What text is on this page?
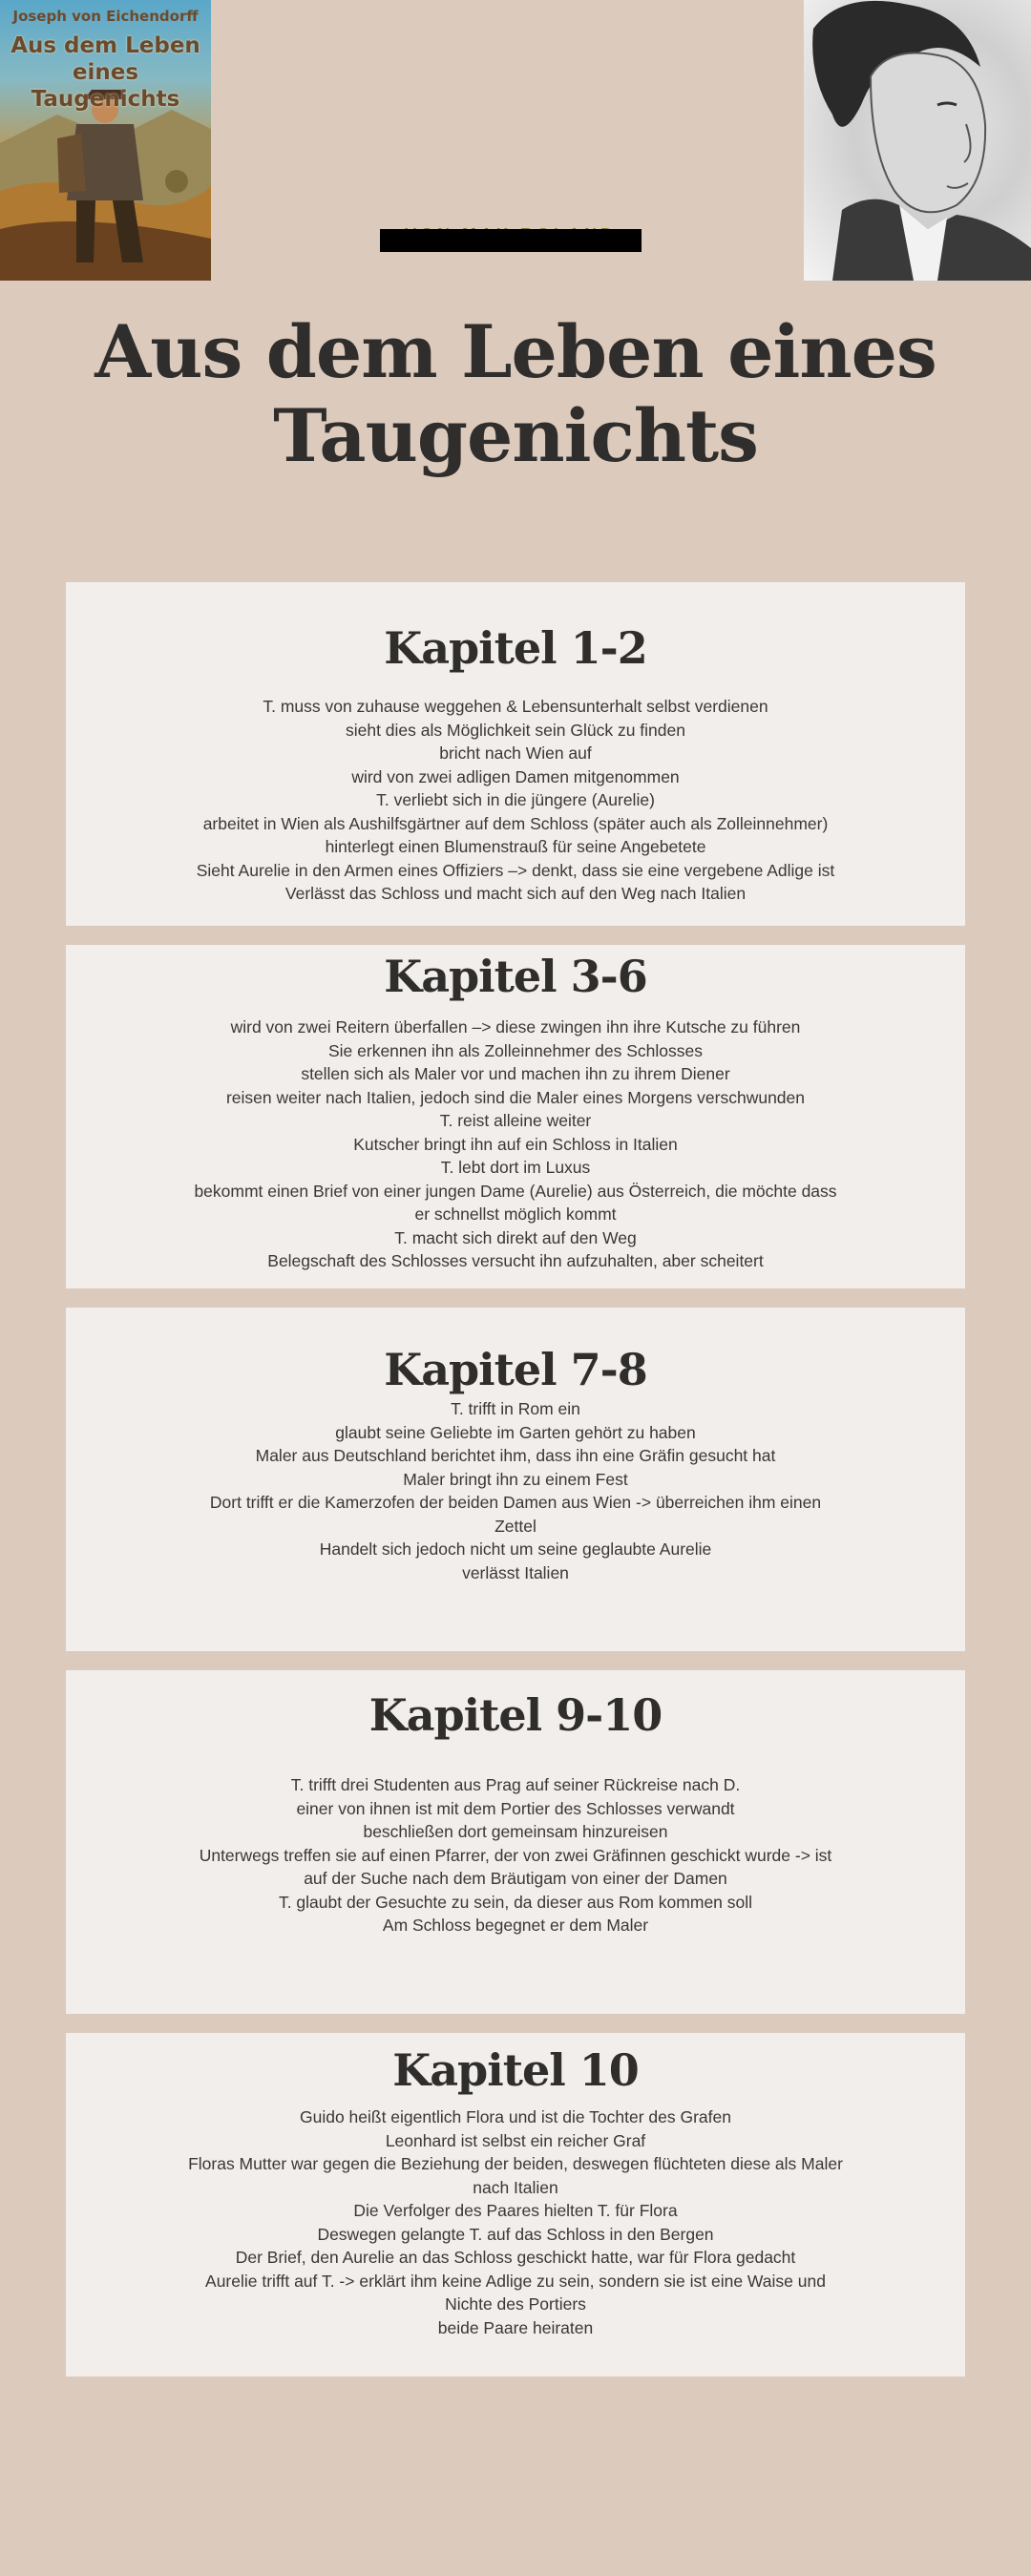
Joseph von Eichendorff
Aus dem Leben
eines Taugenichts
Aus dem Leben eines
Taugenichts
Kapitel 1-2
T. muss von zuhause weggehen & Lebensunterhalt selbst verdienen
sieht dies als Möglichkeit sein Glück zu finden
bricht nach Wien auf
wird von zwei adligen Damen mitgenommen
T. verliebt sich in die jüngere (Aurelie)
arbeitet in Wien als Aushilfsgärtner auf dem Schloss (später auch als Zolleinnehmer)
hinterlegt einen Blumenstrauß für seine Angebetete
Sieht Aurelie in den Armen eines Offiziers –> denkt, dass sie eine vergebene Adlige ist
Verlässt das Schloss und macht sich auf den Weg nach Italien
Kapitel 3-6
wird von zwei Reitern überfallen –> diese zwingen ihn ihre Kutsche zu führen
Sie erkennen ihn als Zolleinnehmer des Schlosses
stellen sich als Maler vor und machen ihn zu ihrem Diener
reisen weiter nach Italien, jedoch sind die Maler eines Morgens verschwunden
T. reist alleine weiter
Kutscher bringt ihn auf ein Schloss in Italien
T. lebt dort im Luxus
bekommt einen Brief von einer jungen Dame (Aurelie) aus Österreich, die möchte dass
er schnellst möglich kommt
T. macht sich direkt auf den Weg
Belegschaft des Schlosses versucht ihn aufzuhalten, aber scheitert
Kapitel 7-8
T. trifft in Rom ein
glaubt seine Geliebte im Garten gehört zu haben
Maler aus Deutschland berichtet ihm, dass ihn eine Gräfin gesucht hat
Maler bringt ihn zu einem Fest
Dort trifft er die Kamerzofen der beiden Damen aus Wien -> überreichen ihm einen
Zettel
Handelt sich jedoch nicht um seine geglaubte Aurelie
verlässt Italien
Kapitel 9-10
T. trifft drei Studenten aus Prag auf seiner Rückreise nach D.
einer von ihnen ist mit dem Portier des Schlosses verwandt
beschließen dort gemeinsam hinzureisen
Unterwegs treffen sie auf einen Pfarrer, der von zwei Gräfinnen geschickt wurde -> ist
auf der Suche nach dem Bräutigam von einer der Damen
T. glaubt der Gesuchte zu sein, da dieser aus Rom kommen soll
Am Schloss begegnet er dem Maler
Kapitel 10
Guido heißt eigentlich Flora und ist die Tochter des Grafen
Leonhard ist selbst ein reicher Graf
Floras Mutter war gegen die Beziehung der beiden, deswegen flüchteten diese als Maler
nach Italien
Die Verfolger des Paares hielten T. für Flora
Deswegen gelangte T. auf das Schloss in den Bergen
Der Brief, den Aurelie an das Schloss geschickt hatte, war für Flora gedacht
Aurelie trifft auf T. -> erklärt ihm keine Adlige zu sein, sondern sie ist eine Waise und
Nichte des Portiers
beide Paare heiraten
